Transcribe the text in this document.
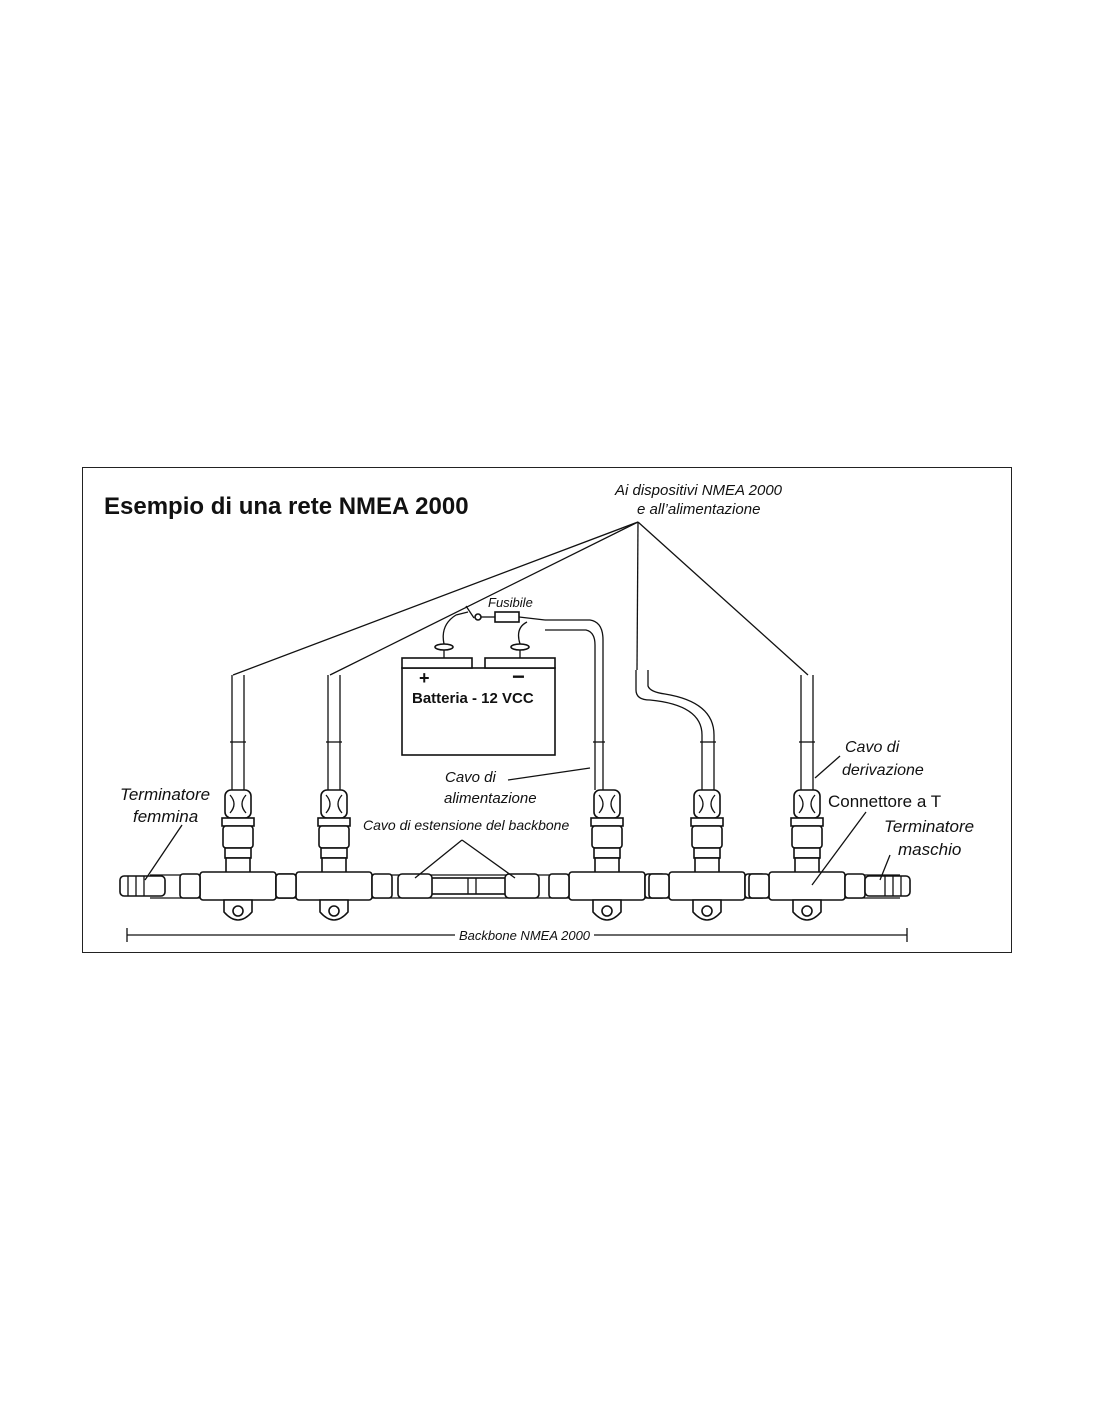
Esempio di una rete NMEA 2000
Ai dispositivi NMEA 2000
e all’alimentazione
+	−
Batteria - 12 VCC
Fusibile
Terminatore
femmina	Cavo di estensione del backbone
Cavo di
alimentazione
Cavo di
derivazione
Connettore a T
Terminatore
maschio
Backbone NMEA 2000
